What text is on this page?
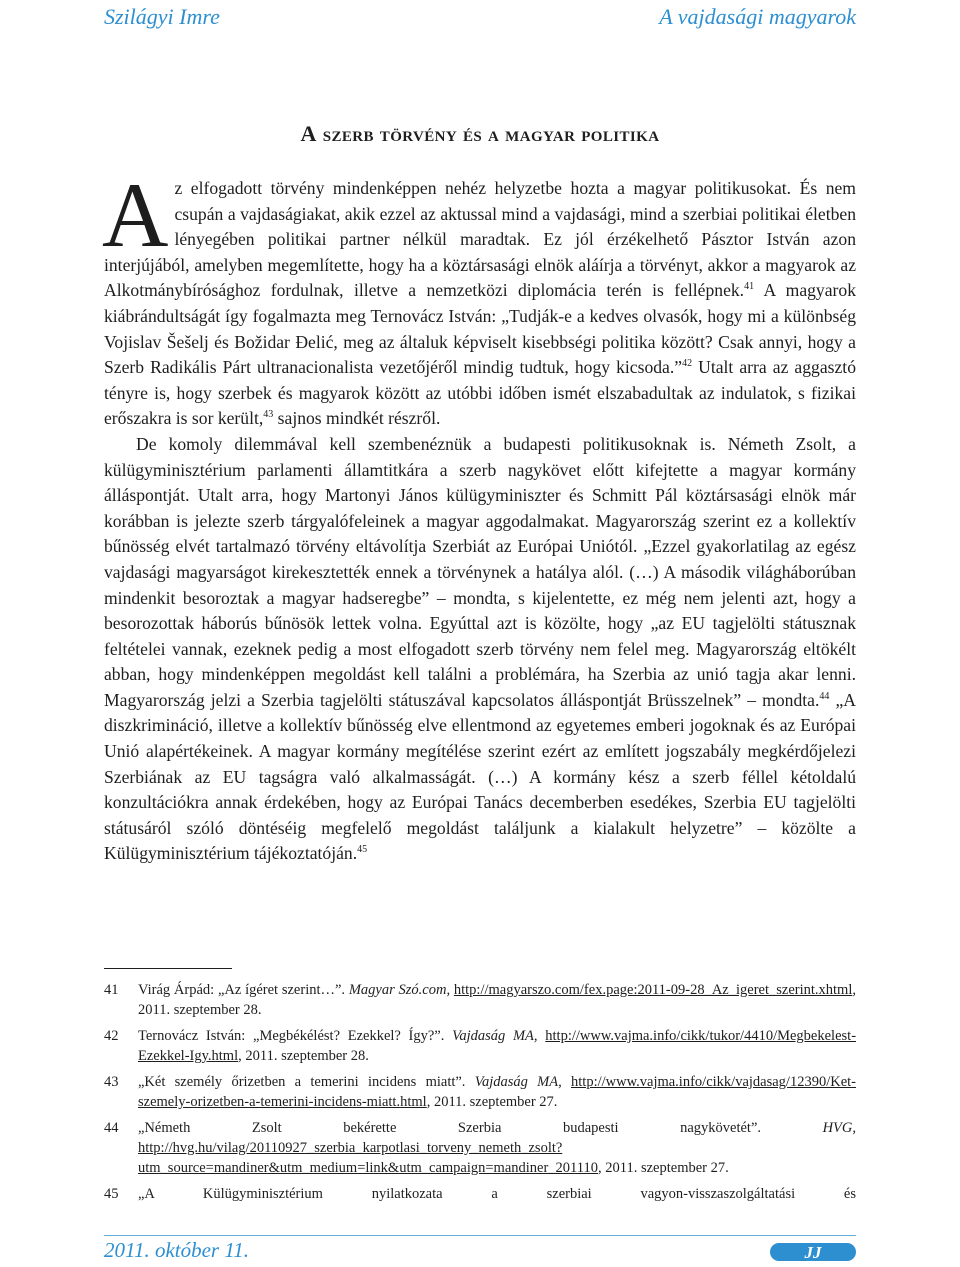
Szilágyi Imre	A vajdasági magyarok
A szerb törvény és a magyar politika

Az elfogadott törvény mindenképpen nehéz helyzetbe hozta a magyar politikusokat. És nem csupán a vajdaságiakat, akik ezzel az aktussal mind a vajdasági, mind a szerbiai politikai életben lényegében politikai partner nélkül maradtak. Ez jól érzékelhető Pásztor István azon interjújából, amelyben megemlítette, hogy ha a köztársasági elnök aláírja a törvényt, akkor a magyarok az Alkotmánybírósághoz fordulnak, illetve a nemzetközi diplomácia terén is fellépnek.$^{41}$ A magyarok kiábrándultságát így fogalmazta meg Ternovácz István: „Tudják-e a kedves olvasók, hogy mi a különbség Vojislav Šešelj és Božidar Đelić, meg az általuk képviselt kisebbségi politika között? Csak annyi, hogy a Szerb Radikális Párt ultranacionalista vezetőjéről mindig tudtuk, hogy kicsoda.”$^{42}$ Utalt arra az aggasztó tényre is, hogy szerbek és magyarok között az utóbbi időben ismét elszabadultak az indulatok, s fizikai erőszakra is sor került,$^{43}$ sajnos mindkét részről.

De komoly dilemmával kell szembenéznük a budapesti politikusoknak is. Németh Zsolt, a külügyminisztérium parlamenti államtitkára a szerb nagykövet előtt kifejtette a magyar kormány álláspontját. Utalt arra, hogy Martonyi János külügyminiszter és Schmitt Pál köztársasági elnök már korábban is jelezte szerb tárgyalófeleinek a magyar aggodalmakat. Magyarország szerint ez a kollektív bűnösség elvét tartalmazó törvény eltávolítja Szerbiát az Európai Uniótól. „Ezzel gyakorlatilag az egész vajdasági magyarságot kirekesztették ennek a törvénynek a hatálya alól. (…) A második világháborúban mindenkit besoroztak a magyar hadseregbe” – mondta, s kijelentette, ez még nem jelenti azt, hogy a besorozottak háborús bűnösök lettek volna. Egyúttal azt is közölte, hogy „az EU tagjelölti státusznak feltételei vannak, ezeknek pedig a most elfogadott szerb törvény nem felel meg. Magyarország eltökélt abban, hogy mindenképpen megoldást kell találni a problémára, ha Szerbia az unió tagja akar lenni. Magyarország jelzi a Szerbia tagjelölti státuszával kapcsolatos álláspontját Brüsszelnek” – mondta.$^{44}$ „A diszkrimináció, illetve a kollektív bűnösség elve ellentmond az egyetemes emberi jogoknak és az Európai Unió alapértékeinek. A magyar kormány megítélése szerint ezért az említett jogszabály megkérdőjelezi Szerbiának az EU tagságra való alkalmasságát. (…) A kormány kész a szerb féllel kétoldalú konzultációkra annak érdekében, hogy az Európai Tanács decemberben esedékes, Szerbia EU tagjelölti státusáról szóló döntéséig megfelelő megoldást találjunk a kialakult helyzetre” – közölte a Külügyminisztérium tájékoztatóján.$^{45}$

41 Virág Árpád: „Az ígéret szerint…”. Magyar Szó.com, http://magyarszo.com/fex.page:2011-09-28_Az_igeret_szerint.xhtml, 2011. szeptember 28.
42 Ternovácz István: „Megbékélést? Ezekkel? Így?”. Vajdaság MA, http://www.vajma.info/cikk/tukor/4410/Megbekelest-Ezekkel-Igy.html, 2011. szeptember 28.
43 „Két személy őrizetben a temerini incidens miatt”. Vajdaság MA, http://www.vajma.info/cikk/vajdasag/12390/Ket-szemely-orizetben-a-temerini-incidens-miatt.html, 2011. szeptember 27.
44 „Németh Zsolt bekérette Szerbia budapesti nagykövetét”. HVG, http://hvg.hu/vilag/20110927_szerbia_karpotlasi_torveny_nemeth_zsolt?utm_source=mandiner&utm_medium=link&utm_campaign=mandiner_201110, 2011. szeptember 27.
45 „A Külügyminisztérium nyilatkozata a szerbiai vagyon-visszaszolgáltatási és
2011. október 11.	JJ
